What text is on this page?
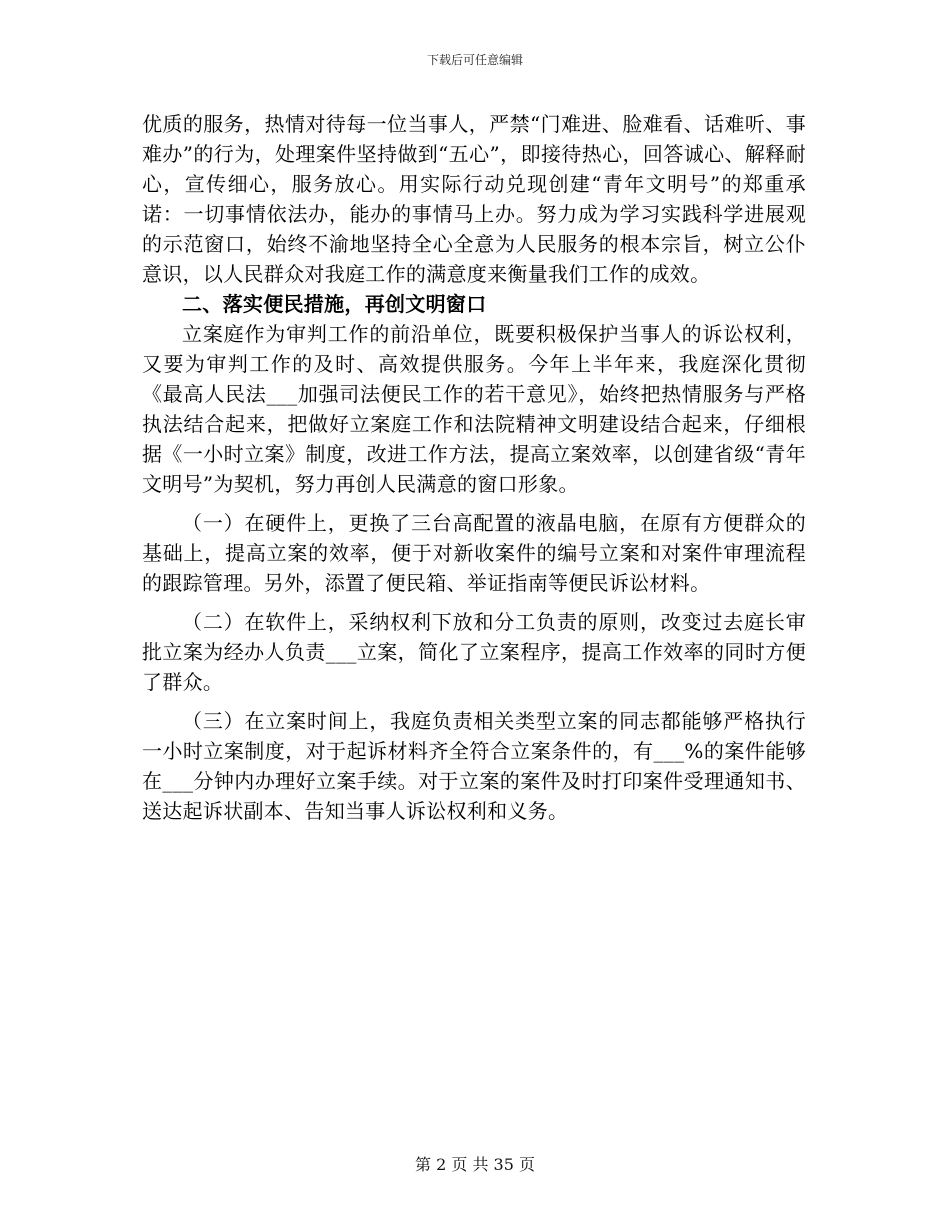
下载后可任意编辑

优质的服务，热情对待每一位当事人，严禁“门难进、脸难看、话难听、事难办”的行为，处理案件坚持做到“五心”，即接待热心，回答诚心、解释耐心，宣传细心，服务放心。用实际行动兑现创建“青年文明号”的郑重承诺：一切事情依法办，能办的事情马上办。努力成为学习实践科学进展观的示范窗口，始终不渝地坚持全心全意为人民服务的根本宗旨，树立公仆意识，以人民群众对我庭工作的满意度来衡量我们工作的成效。

二、落实便民措施，再创文明窗口

立案庭作为审判工作的前沿单位，既要积极保护当事人的诉讼权利，又要为审判工作的及时、高效提供服务。今年上半年来，我庭深化贯彻《最高人民法___加强司法便民工作的若干意见》，始终把热情服务与严格执法结合起来，把做好立案庭工作和法院精神文明建设结合起来，仔细根据《一小时立案》制度，改进工作方法，提高立案效率，以创建省级“青年文明号”为契机，努力再创人民满意的窗口形象。

（一）在硬件上，更换了三台高配置的液晶电脑，在原有方便群众的基础上，提高立案的效率，便于对新收案件的编号立案和对案件审理流程的跟踪管理。另外，添置了便民箱、举证指南等便民诉讼材料。

（二）在软件上，采纳权利下放和分工负责的原则，改变过去庭长审批立案为经办人负责___立案，简化了立案程序，提高工作效率的同时方便了群众。

（三）在立案时间上，我庭负责相关类型立案的同志都能够严格执行一小时立案制度，对于起诉材料齐全符合立案条件的，有___%的案件能够在___分钟内办理好立案手续。对于立案的案件及时打印案件受理通知书、送达起诉状副本、告知当事人诉讼权利和义务。

第 2 页 共 35 页
